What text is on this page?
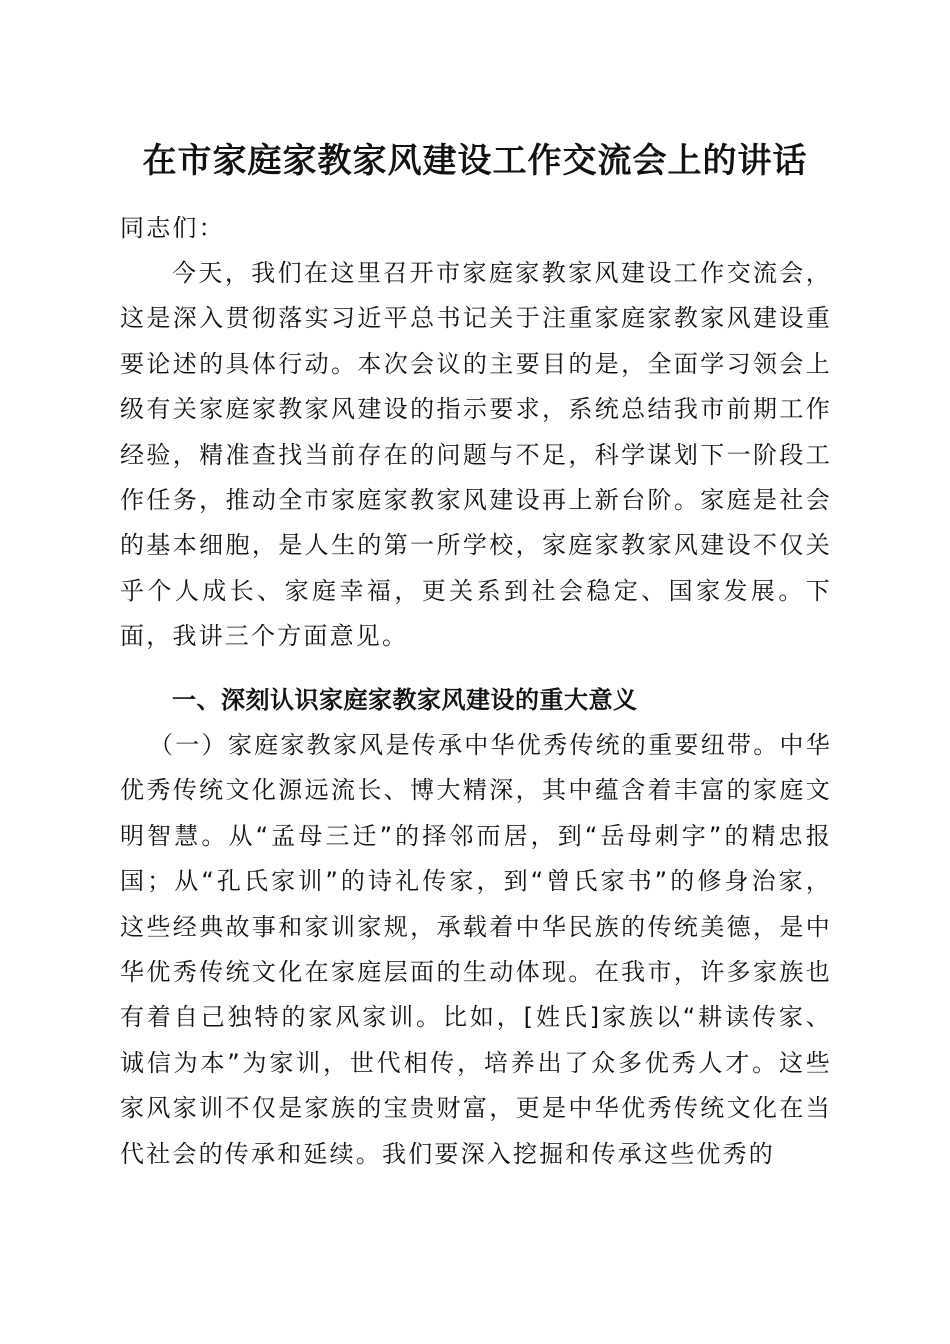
在市家庭家教家风建设工作交流会上的讲话

同志们：

今天，我们在这里召开市家庭家教家风建设工作交流会，这是深入贯彻落实习近平总书记关于注重家庭家教家风建设重要论述的具体行动。本次会议的主要目的是，全面学习领会上级有关家庭家教家风建设的指示要求，系统总结我市前期工作经验，精准查找当前存在的问题与不足，科学谋划下一阶段工作任务，推动全市家庭家教家风建设再上新台阶。家庭是社会的基本细胞，是人生的第一所学校，家庭家教家风建设不仅关乎个人成长、家庭幸福，更关系到社会稳定、国家发展。下面，我讲三个方面意见。

一、深刻认识家庭家教家风建设的重大意义

（一）家庭家教家风是传承中华优秀传统的重要纽带。中华优秀传统文化源远流长、博大精深，其中蕴含着丰富的家庭文明智慧。从“孟母三迁”的择邻而居，到“岳母刺字”的精忠报国；从“孔氏家训”的诗礼传家，到“曾氏家书”的修身治家，这些经典故事和家训家规，承载着中华民族的传统美德，是中华优秀传统文化在家庭层面的生动体现。在我市，许多家族也有着自己独特的家风家训。比如，[姓氏]家族以“耕读传家、诚信为本”为家训，世代相传，培养出了众多优秀人才。这些家风家训不仅是家族的宝贵财富，更是中华优秀传统文化在当代社会的传承和延续。我们要深入挖掘和传承这些优秀的
